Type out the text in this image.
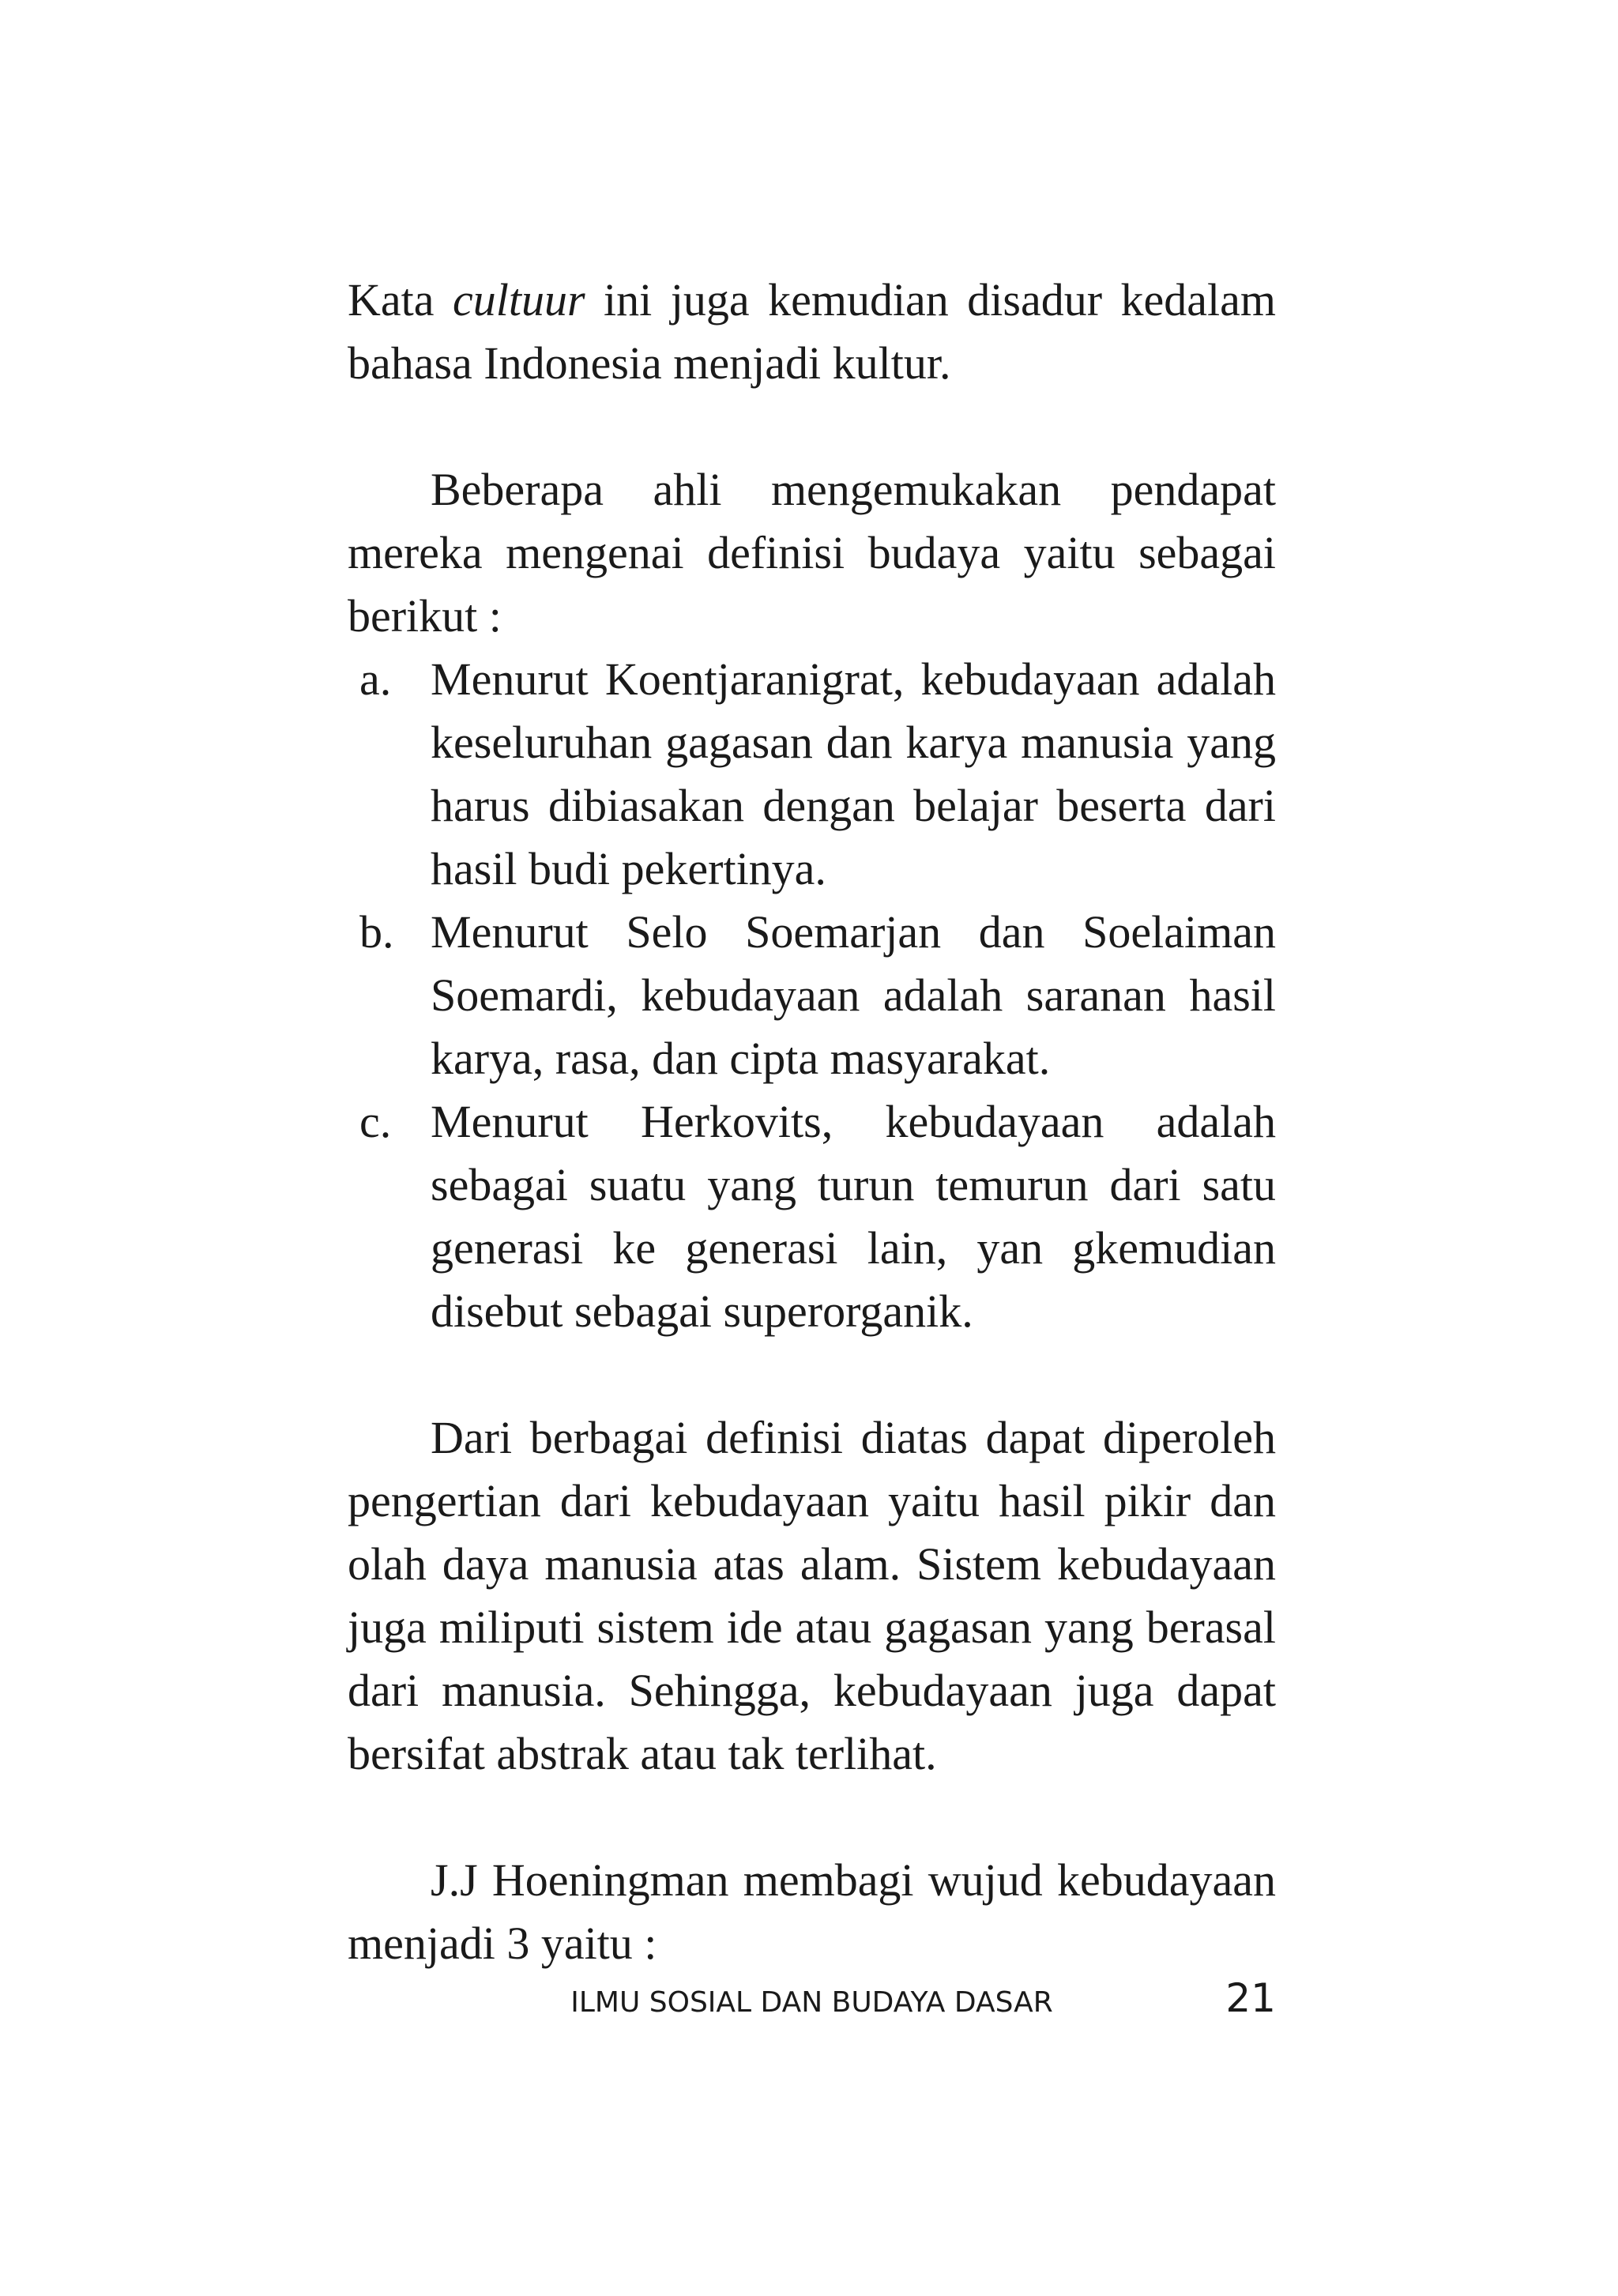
Kata cultuur ini juga kemudian disadur kedalam bahasa Indonesia menjadi kultur.

Beberapa ahli mengemukakan pendapat mereka mengenai definisi budaya yaitu sebagai berikut :

a. Menurut Koentjaranigrat, kebudayaan adalah keseluruhan gagasan dan karya manusia yang harus dibiasakan dengan belajar beserta dari hasil budi pekertinya.
b. Menurut Selo Soemarjan dan Soelaiman Soemardi, kebudayaan adalah saranan hasil karya, rasa, dan cipta masyarakat.
c. Menurut Herkovits, kebudayaan adalah sebagai suatu yang turun temurun dari satu generasi ke generasi lain, yan gkemudian disebut sebagai superorganik.

Dari berbagai definisi diatas dapat diperoleh pengertian dari kebudayaan yaitu hasil pikir dan olah daya manusia atas alam. Sistem kebudayaan juga miliputi sistem ide atau gagasan yang berasal dari manusia. Sehingga, kebudayaan juga dapat bersifat abstrak atau tak terlihat.

J.J Hoeningman membagi wujud kebudayaan menjadi 3 yaitu :

ILMU SOSIAL DAN BUDAYA DASAR	21
